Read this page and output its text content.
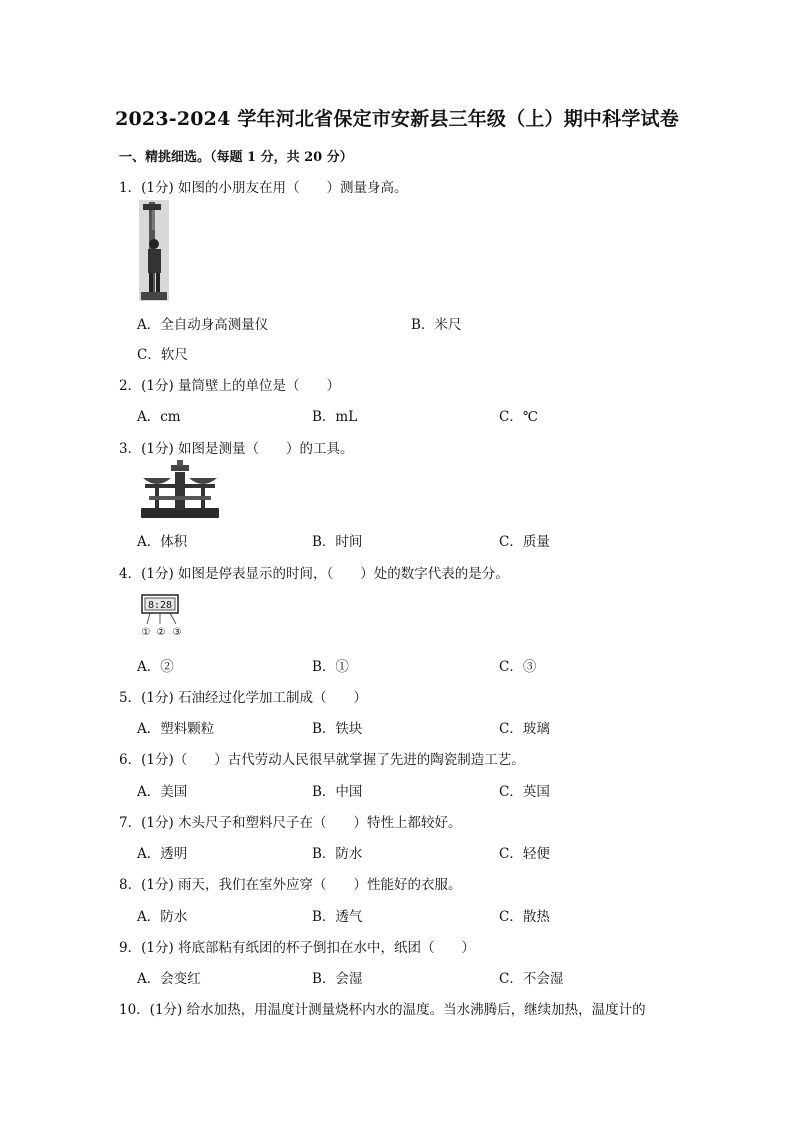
2023-2024 学年河北省保定市安新县三年级（上）期中科学试卷
一、精挑细选。（每题 1 分，共 20 分）
1．(1分) 如图的小朋友在用（　　）测量身高。
A．全自动身高测量仪	B．米尺
C．软尺
2．(1分) 量筒壁上的单位是（　　）
A．cm	B．mL	C．℃
3．(1分) 如图是测量（　　）的工具。
A．体积	B．时间	C．质量
4．(1分) 如图是停表显示的时间，（　　）处的数字代表的是分。
8:28
① ② ③
A．②	B．①	C．③
5．(1分) 石油经过化学加工制成（　　）
A．塑料颗粒	B．铁块	C．玻璃
6．(1分)（　　）古代劳动人民很早就掌握了先进的陶瓷制造工艺。
A．美国	B．中国	C．英国
7．(1分) 木头尺子和塑料尺子在（　　）特性上都较好。
A．透明	B．防水	C．轻便
8．(1分) 雨天，我们在室外应穿（　　）性能好的衣服。
A．防水	B．透气	C．散热
9．(1分) 将底部粘有纸团的杯子倒扣在水中，纸团（　　）
A．会变红	B．会湿	C．不会湿
10．(1分) 给水加热，用温度计测量烧杯内水的温度。当水沸腾后，继续加热，温度计的
